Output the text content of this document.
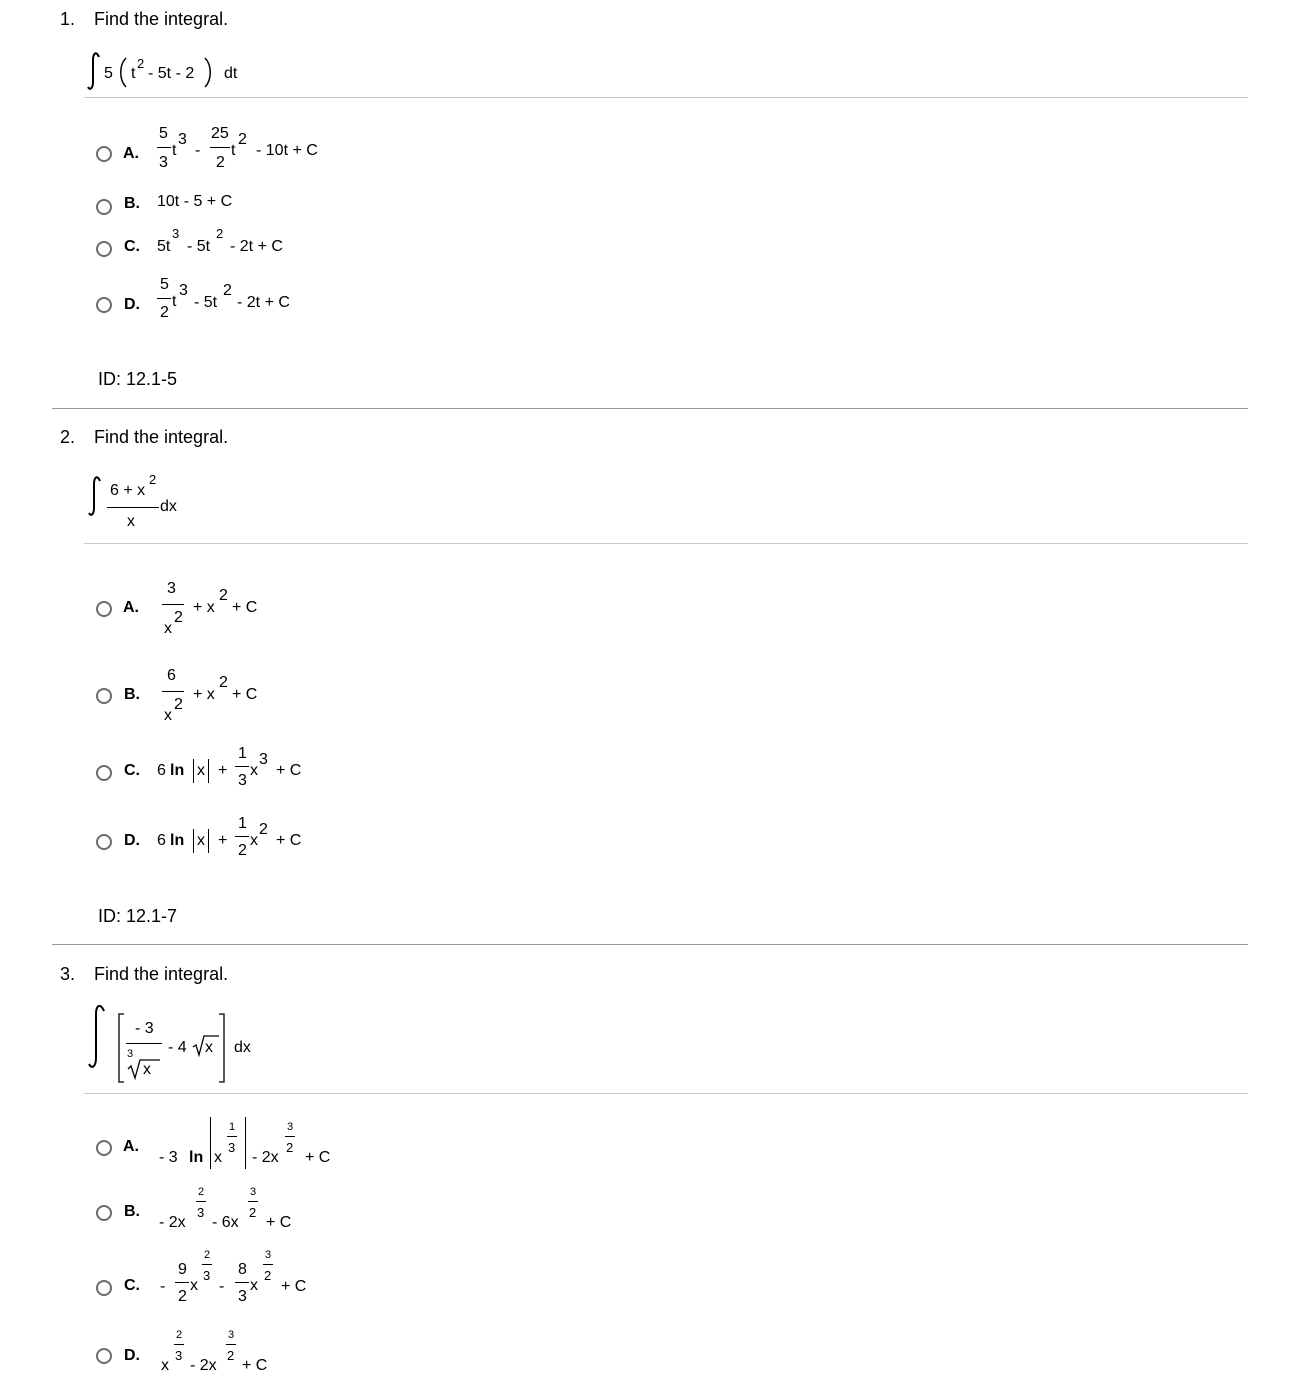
1. Find the integral.
5 t
2
- 5t - 2 dt
A.
5
3
t
3
-
25
2
t
2
- 10t + C
B. 10t - 5 + C
C. 5t
3
- 5t
2
- 2t + C
D.
5
2
t
3
- 5t
2
- 2t + C
ID: 12.1-5
2. Find the integral.
6 + x
2
x
dx
A.
3
x
2
+ x
2
+ C
B.
6
x
2
+ x
2
+ C
C. 6 ln x +
1
3
x
3
+ C
D. 6 ln x +
1
2
x
2
+ C
ID: 12.1-7
3. Find the integral.
- 3
3
x
- 4 x dx
A.
- 3 ln x
1
3
- 2x
3
2
+ C
B.
- 2x
2
3
- 6x
3
2
+ C
C. -
9
2
x
2
3
-
8
3
x
3
2
+ C
D.
x
2
3
- 2x
3
2
+ C
